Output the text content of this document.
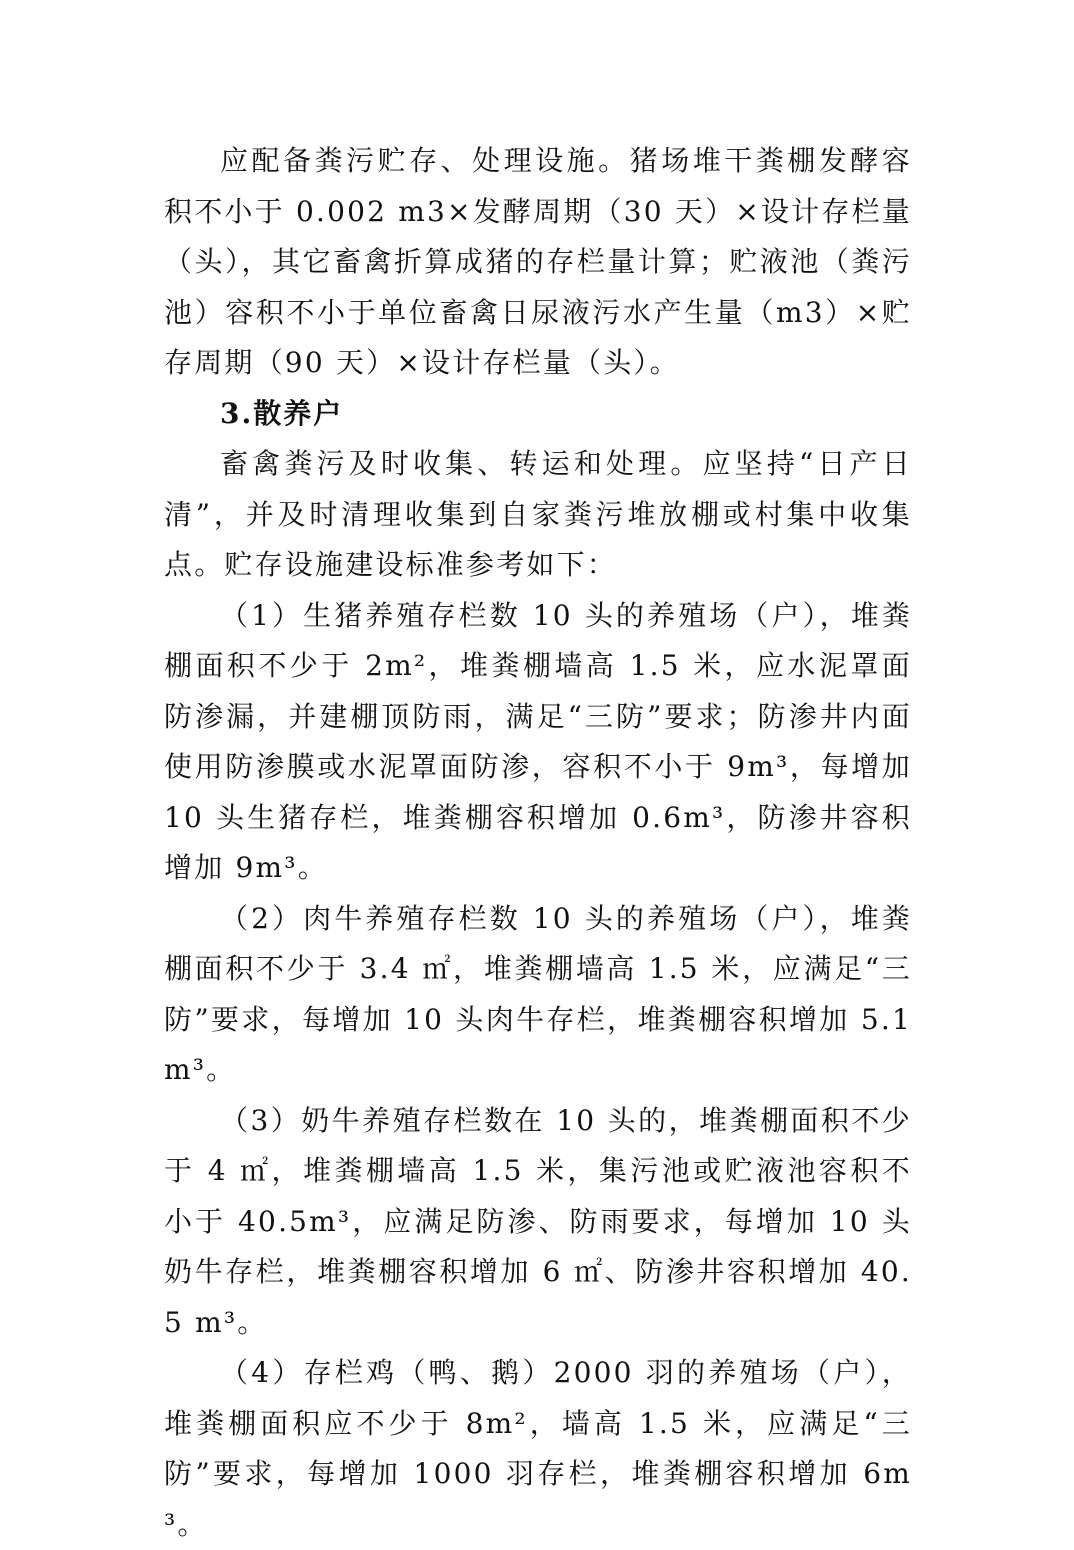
应配备粪污贮存、处理设施。猪场堆干粪棚发酵容积不小于 0.002 m3×发酵周期（30 天）×设计存栏量（头），其它畜禽折算成猪的存栏量计算；贮液池（粪污池）容积不小于单位畜禽日尿液污水产生量（m3）×贮存周期（90 天）×设计存栏量（头）。

3.散养户

畜禽粪污及时收集、转运和处理。应坚持“日产日清”，并及时清理收集到自家粪污堆放棚或村集中收集点。贮存设施建设标准参考如下：

（1）生猪养殖存栏数 10 头的养殖场（户），堆粪棚面积不少于 2m²，堆粪棚墙高 1.5 米，应水泥罩面防渗漏，并建棚顶防雨，满足“三防”要求；防渗井内面使用防渗膜或水泥罩面防渗，容积不小于 9m³，每增加 10 头生猪存栏，堆粪棚容积增加 0.6m³，防渗井容积增加 9m³。

（2）肉牛养殖存栏数 10 头的养殖场（户），堆粪棚面积不少于 3.4 ㎡，堆粪棚墙高 1.5 米，应满足“三防”要求，每增加 10 头肉牛存栏，堆粪棚容积增加 5.1m³。

（3）奶牛养殖存栏数在 10 头的，堆粪棚面积不少于 4 ㎡，堆粪棚墙高 1.5 米，集污池或贮液池容积不小于 40.5m³，应满足防渗、防雨要求，每增加 10 头奶牛存栏，堆粪棚容积增加 6 ㎡、防渗井容积增加 40.5 m³。

（4）存栏鸡（鸭、鹅）2000 羽的养殖场（户），堆粪棚面积应不少于 8m²，墙高 1.5 米，应满足“三防”要求，每增加 1000 羽存栏，堆粪棚容积增加 6m³。
